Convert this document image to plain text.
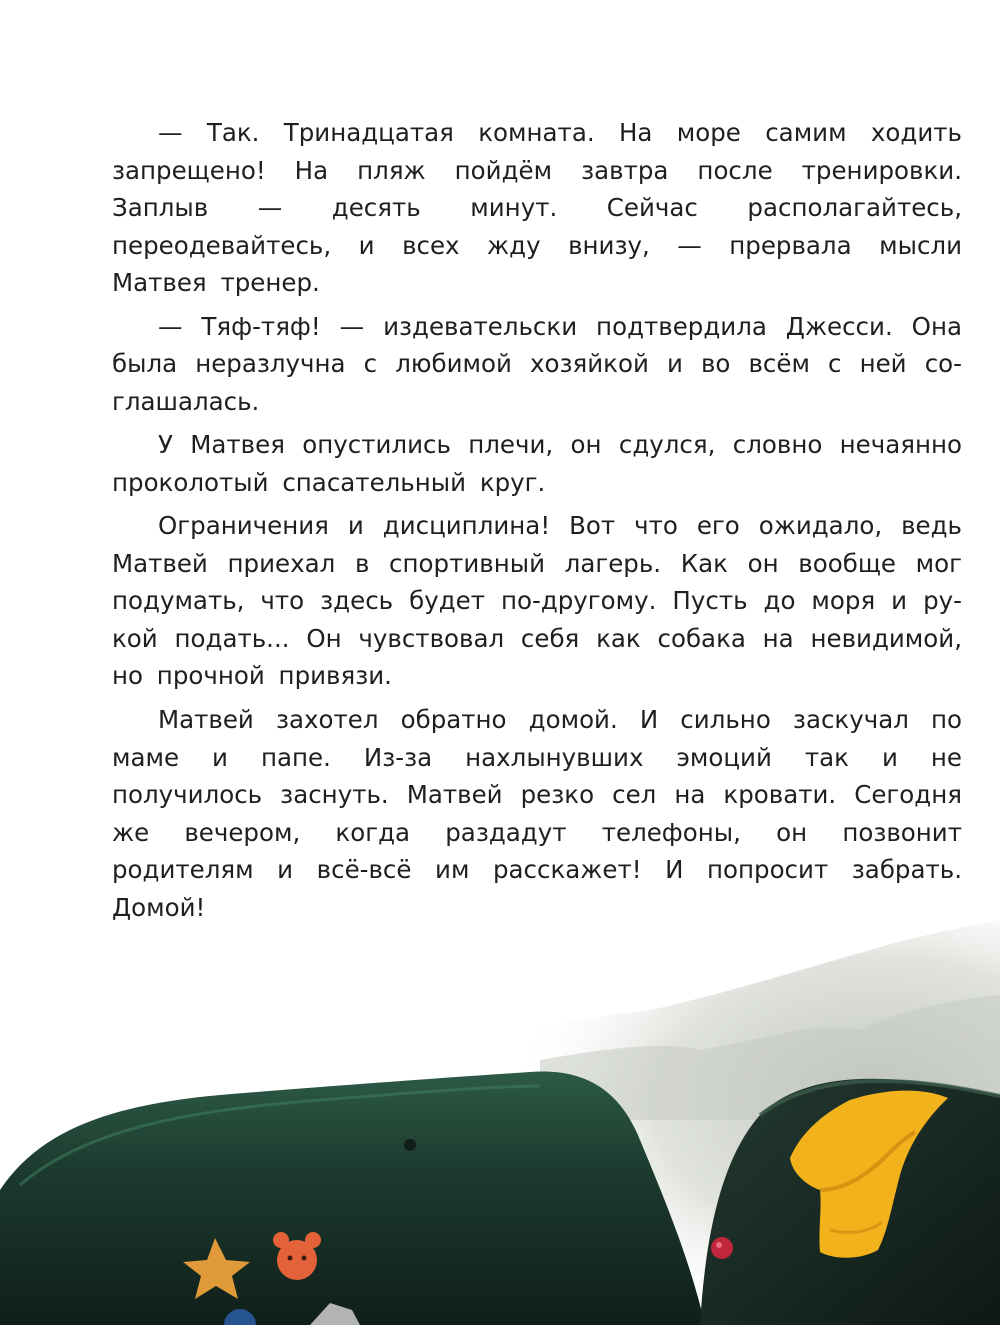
— Так. Тринадцатая комната. На море самим ходить запрещено! На пляж пойдём завтра после тренировки. Заплыв — десять минут. Сейчас располагайтесь, переодевайтесь, и всех жду внизу, — прервала мысли Матвея тренер.

— Тяф-тяф! — издевательски подтвердила Джесси. Она была неразлучна с любимой хозяйкой и во всём с ней соглашалась.

У Матвея опустились плечи, он сдулся, словно нечаянно проколотый спасательный круг.

Ограничения и дисциплина! Вот что его ожидало, ведь Матвей приехал в спортивный лагерь. Как он вообще мог подумать, что здесь будет по-другому. Пусть до моря и рукой подать... Он чувствовал себя как собака на невидимой, но прочной привязи.

Матвей захотел обратно домой. И сильно заскучал по маме и папе. Из-за нахлынувших эмоций так и не получилось заснуть. Матвей резко сел на кровати. Сегодня же вечером, когда раздадут телефоны, он позвонит родителям и всё-всё им расскажет! И попросит забрать. Домой!
